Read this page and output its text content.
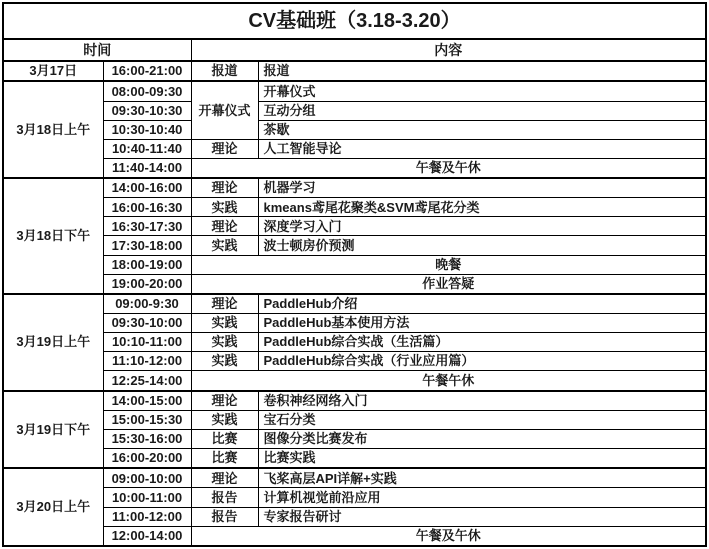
CV基础班（3.18-3.20）			
时间		内容	
3月17日	16:00-21:00	报道	报道
3月18日上午	08:00-09:30	开幕仪式	开幕仪式
	09:30-10:30		互动分组
	10:30-10:40		茶歇
	10:40-11:40	理论	人工智能导论
	11:40-14:00	午餐及午休	
3月18日下午	14:00-16:00	理论	机器学习
	16:00-16:30	实践	kmeans鸢尾花聚类&SVM鸢尾花分类
	16:30-17:30	理论	深度学习入门
	17:30-18:00	实践	波士顿房价预测
	18:00-19:00	晚餐	
	19:00-20:00	作业答疑	
3月19日上午	09:00-9:30	理论	PaddleHub介绍
	09:30-10:00	实践	PaddleHub基本使用方法
	10:10-11:00	实践	PaddleHub综合实战（生活篇）
	11:10-12:00	实践	PaddleHub综合实战（行业应用篇）
	12:25-14:00	午餐午休	
3月19日下午	14:00-15:00	理论	卷积神经网络入门
	15:00-15:30	实践	宝石分类
	15:30-16:00	比赛	图像分类比赛发布
	16:00-20:00	比赛	比赛实践
3月20日上午	09:00-10:00	理论	飞桨高层API详解+实践
	10:00-11:00	报告	计算机视觉前沿应用
	11:00-12:00	报告	专家报告研讨
	12:00-14:00	午餐及午休	
